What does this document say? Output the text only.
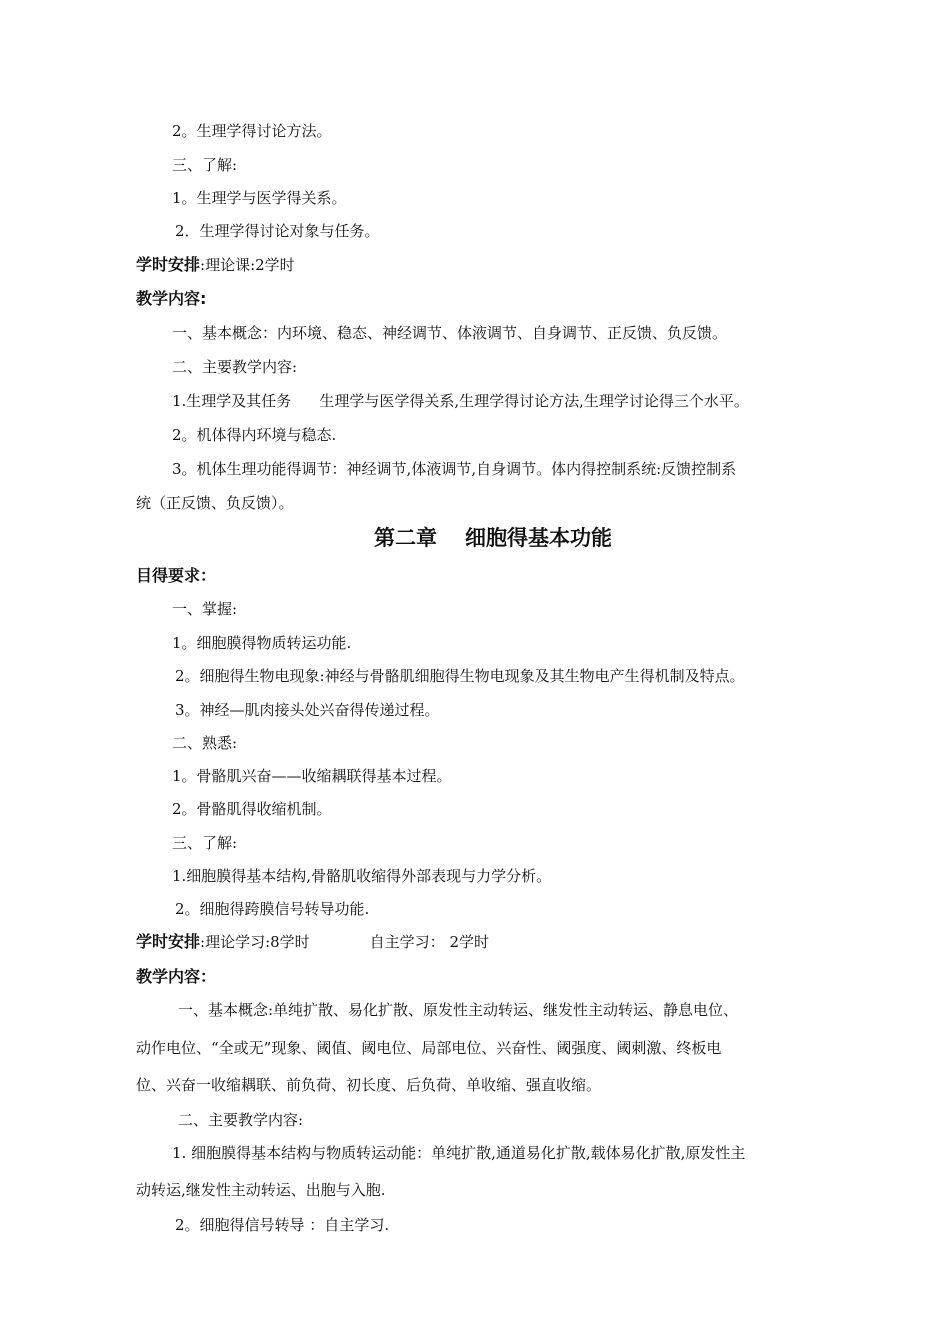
2。生理学得讨论方法。
三、了解:
1。生理学与医学得关系。
2．生理学得讨论对象与任务。
学时安排:理论课:2学时
教学内容:
一、基本概念：内环境、稳态、神经调节、体液调节、自身调节、正反馈、负反馈。
二、主要教学内容:
1.生理学及其任务 生理学与医学得关系,生理学得讨论方法,生理学讨论得三个水平。
2。机体得内环境与稳态.
3。机体生理功能得调节：神经调节,体液调节,自身调节。体内得控制系统:反馈控制系
统（正反馈、负反馈）。
第二章 细胞得基本功能
目得要求：
一、掌握:
1。细胞膜得物质转运功能.
2。细胞得生物电现象:神经与骨骼肌细胞得生物电现象及其生物电产生得机制及特点。
3。神经—肌肉接头处兴奋得传递过程。
二、熟悉:
1。骨骼肌兴奋——收缩耦联得基本过程。
2。骨骼肌得收缩机制。
三、了解:
1.细胞膜得基本结构,骨骼肌收缩得外部表现与力学分析。
2。细胞得跨膜信号转导功能.
学时安排:理论学习:8学时	自主学习： 2学时
教学内容：
一、基本概念:单纯扩散、易化扩散、原发性主动转运、继发性主动转运、静息电位、
动作电位、“全或无”现象、阈值、阈电位、局部电位、兴奋性、阈强度、阈刺激、终板电
位、兴奋一收缩耦联、前负荷、初长度、后负荷、单收缩、强直收缩。
二、主要教学内容:
1. 细胞膜得基本结构与物质转运动能：单纯扩散,通道易化扩散,载体易化扩散,原发性主
动转运,继发性主动转运、出胞与入胞.
2。细胞得信号转导 ：自主学习.
